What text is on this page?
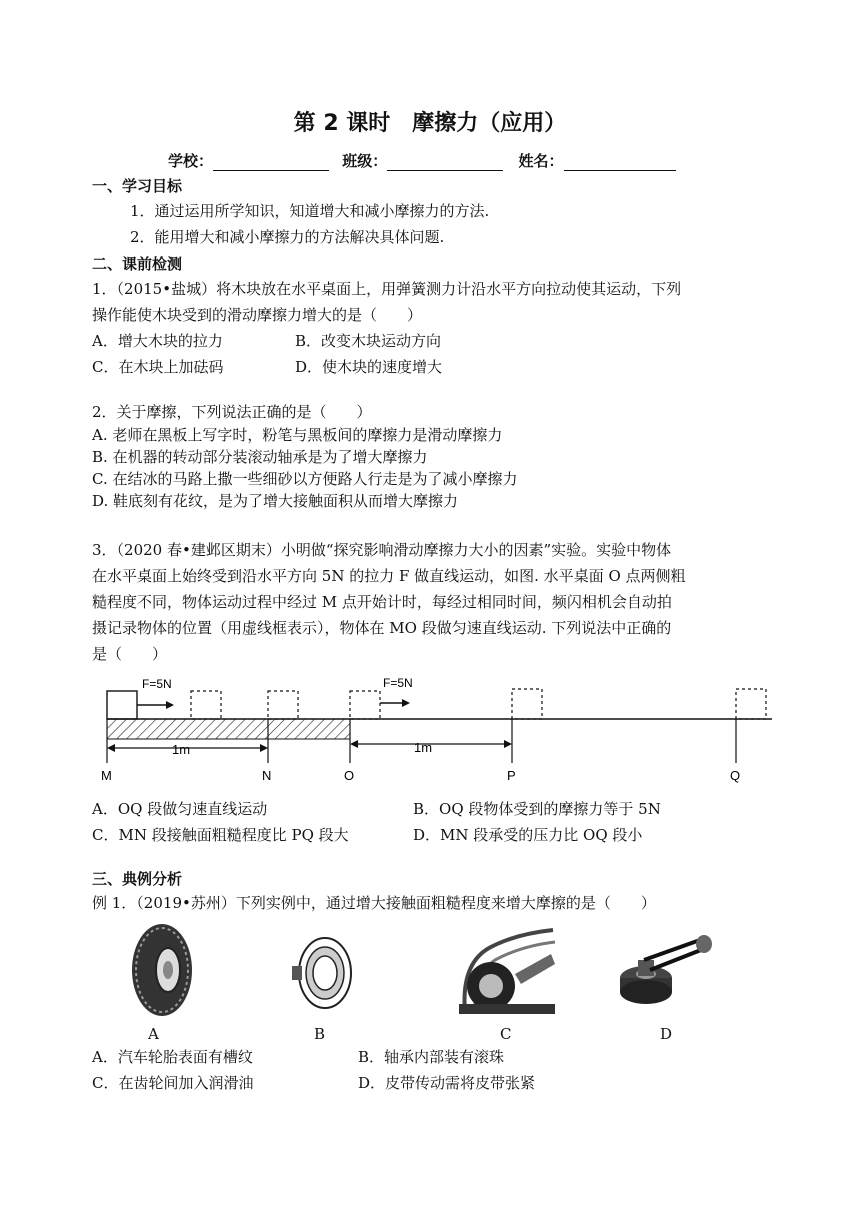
第 2 课时　摩擦力（应用）
学校：	班级：	姓名：
一、学习目标
1．通过运用所学知识，知道增大和减小摩擦力的方法.
2．能用增大和减小摩擦力的方法解决具体问题.
二、课前检测
1．（2015•盐城）将木块放在水平桌面上，用弹簧测力计沿水平方向拉动使其运动，下列
操作能使木块受到的滑动摩擦力增大的是（　　）
A．增大木块的拉力	B．改变木块运动方向
C．在木块上加砝码	D．使木块的速度增大
2．关于摩擦，下列说法正确的是（　　）
A. 老师在黑板上写字时，粉笔与黑板间的摩擦力是滑动摩擦力
B. 在机器的转动部分装滚动轴承是为了增大摩擦力
C. 在结冰的马路上撒一些细砂以方便路人行走是为了减小摩擦力
D. 鞋底刻有花纹，是为了增大接触面积从而增大摩擦力
3．（2020 春•建邺区期末）小明做“探究影响滑动摩擦力大小的因素”实验。实验中物体
在水平桌面上始终受到沿水平方向 5N 的拉力 F 做直线运动，如图. 水平桌面 O 点两侧粗
糙程度不同，物体运动过程中经过 M 点开始计时，每经过相同时间，频闪相机会自动拍
摄记录物体的位置（用虚线框表示），物体在 MO 段做匀速直线运动. 下列说法中正确的
是（　　）
F=5N	F=5N
1m	1m
M	N	O	P	Q
A．OQ 段做匀速直线运动	B．OQ 段物体受到的摩擦力等于 5N
C．MN 段接触面粗糙程度比 PQ 段大	D．MN 段承受的压力比 OQ 段小
三、典例分析
例 1．（2019•苏州）下列实例中，通过增大接触面粗糙程度来增大摩擦的是（　　）
A	B	C	D
A．汽车轮胎表面有槽纹	B．轴承内部装有滚珠
C．在齿轮间加入润滑油	D．皮带传动需将皮带张紧
